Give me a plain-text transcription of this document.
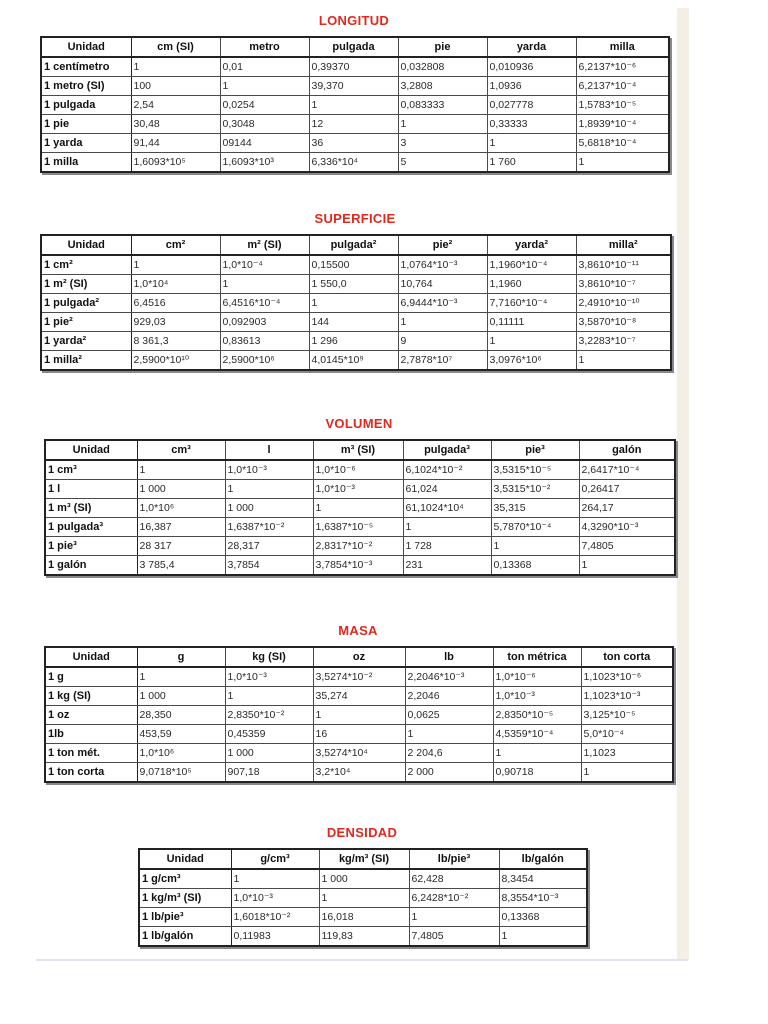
LONGITUD
Unidad	cm (SI)	metro	pulgada	pie	yarda	milla
1 centímetro	1	0,01	0,39370	0,032808	0,010936	6,2137*10⁻⁶
1 metro (SI)	100	1	39,370	3,2808	1,0936	6,2137*10⁻⁴
1 pulgada	2,54	0,0254	1	0,083333	0,027778	1,5783*10⁻⁵
1 pie	30,48	0,3048	12	1	0,33333	1,8939*10⁻⁴
1 yarda	91,44	09144	36	3	1	5,6818*10⁻⁴
1 milla	1,6093*10⁵	1,6093*10³	6,336*10⁴	5	1 760	1
SUPERFICIE
Unidad	cm²	m² (SI)	pulgada²	pie²	yarda²	milla²
1 cm²	1	1,0*10⁻⁴	0,15500	1,0764*10⁻³	1,1960*10⁻⁴	3,8610*10⁻¹¹
1 m² (SI)	1,0*10⁴	1	1 550,0	10,764	1,1960	3,8610*10⁻⁷
1 pulgada²	6,4516	6,4516*10⁻⁴	1	6,9444*10⁻³	7,7160*10⁻⁴	2,4910*10⁻¹⁰
1 pie²	929,03	0,092903	144	1	0,11111	3,5870*10⁻⁸
1 yarda²	8 361,3	0,83613	1 296	9	1	3,2283*10⁻⁷
1 milla²	2,5900*10¹⁰	2,5900*10⁶	4,0145*10⁹	2,7878*10⁷	3,0976*10⁶	1
VOLUMEN
Unidad	cm³	l	m³ (SI)	pulgada³	pie³	galón
1 cm³	1	1,0*10⁻³	1,0*10⁻⁶	6,1024*10⁻²	3,5315*10⁻⁵	2,6417*10⁻⁴
1 l	1 000	1	1,0*10⁻³	61,024	3,5315*10⁻²	0,26417
1 m³ (SI)	1,0*10⁶	1 000	1	61,1024*10⁴	35,315	264,17
1 pulgada³	16,387	1,6387*10⁻²	1,6387*10⁻⁵	1	5,7870*10⁻⁴	4,3290*10⁻³
1 pie³	28 317	28,317	2,8317*10⁻²	1 728	1	7,4805
1 galón	3 785,4	3,7854	3,7854*10⁻³	231	0,13368	1
MASA
Unidad	g	kg (SI)	oz	lb	ton métrica	ton corta
1 g	1	1,0*10⁻³	3,5274*10⁻²	2,2046*10⁻³	1,0*10⁻⁶	1,1023*10⁻⁶
1 kg (SI)	1 000	1	35,274	2,2046	1,0*10⁻³	1,1023*10⁻³
1 oz	28,350	2,8350*10⁻²	1	0,0625	2,8350*10⁻⁵	3,125*10⁻⁵
1lb	453,59	0,45359	16	1	4,5359*10⁻⁴	5,0*10⁻⁴
1 ton mét.	1,0*10⁶	1 000	3,5274*10⁴	2 204,6	1	1,1023
1 ton corta	9,0718*10⁵	907,18	3,2*10⁴	2 000	0,90718	1
DENSIDAD
Unidad	g/cm³	kg/m³ (SI)	lb/pie³	lb/galón
1 g/cm³	1	1 000	62,428	8,3454
1 kg/m³ (SI)	1,0*10⁻³	1	6,2428*10⁻²	8,3554*10⁻³
1 lb/pie³	1,6018*10⁻²	16,018	1	0,13368
1 lb/galón	0,11983	119,83	7,4805	1
